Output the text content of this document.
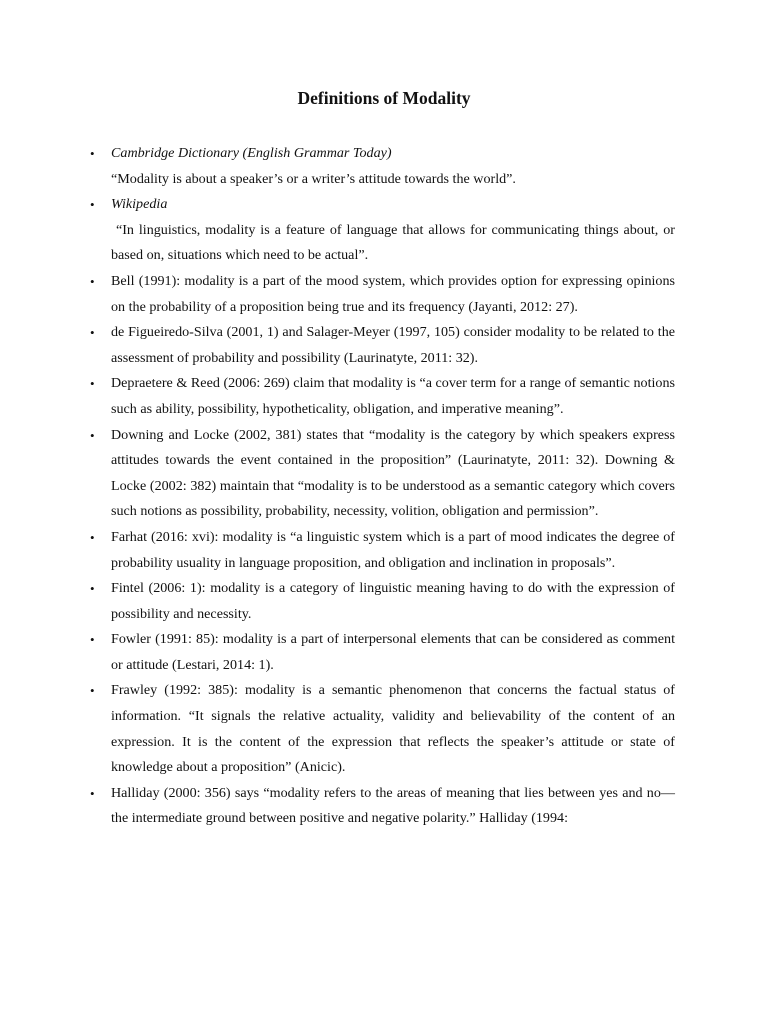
Definitions of Modality
•	Cambridge Dictionary (English Grammar Today)
“Modality is about a speaker’s or a writer’s attitude towards the world”.
•	Wikipedia
“In linguistics, modality is a feature of language that allows for communicating things about, or based on, situations which need to be actual”.
•	Bell (1991): modality is a part of the mood system, which provides option for expressing opinions on the probability of a proposition being true and its frequency (Jayanti, 2012: 27).
•	de Figueiredo-Silva (2001, 1) and Salager-Meyer (1997, 105) consider modality to be related to the assessment of probability and possibility (Laurinatyte, 2011: 32).
•	Depraetere & Reed (2006: 269) claim that modality is “a cover term for a range of semantic notions such as ability, possibility, hypotheticality, obligation, and imperative meaning”.
•	Downing and Locke (2002, 381) states that “modality is the category by which speakers express attitudes towards the event contained in the proposition” (Laurinatyte, 2011: 32). Downing & Locke (2002: 382) maintain that “modality is to be understood as a semantic category which covers such notions as possibility, probability, necessity, volition, obligation and permission”.
•	Farhat (2016: xvi): modality is “a linguistic system which is a part of mood indicates the degree of probability usuality in language proposition, and obligation and inclination in proposals”.
•	Fintel (2006: 1): modality is a category of linguistic meaning having to do with the expression of possibility and necessity.
•	Fowler (1991: 85): modality is a part of interpersonal elements that can be considered as comment or attitude (Lestari, 2014: 1).
•	Frawley (1992: 385): modality is a semantic phenomenon that concerns the factual status of information. “It signals the relative actuality, validity and believability of the content of an expression. It is the content of the expression that reflects the speaker’s attitude or state of knowledge about a proposition” (Anicic).
•	Halliday (2000: 356) says “modality refers to the areas of meaning that lies between yes and no—the intermediate ground between positive and negative polarity.” Halliday (1994:
